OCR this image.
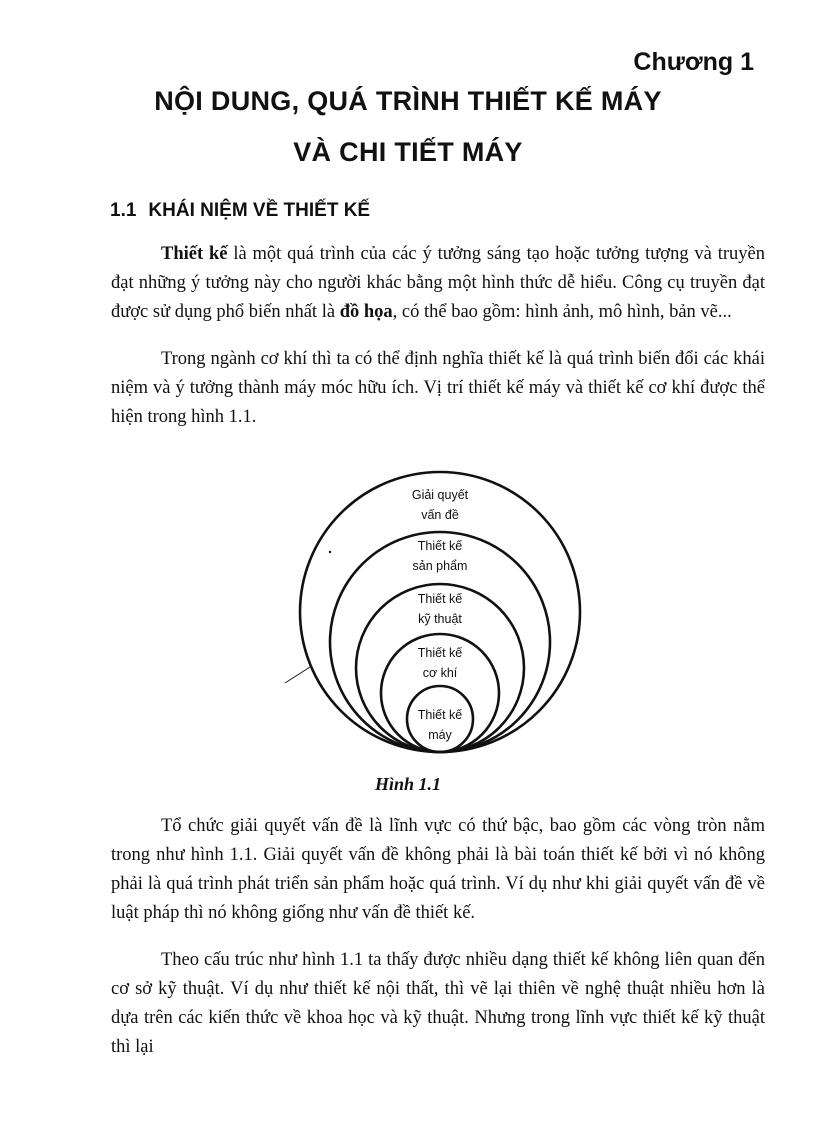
Chương 1
NỘI DUNG, QUÁ TRÌNH THIẾT KẾ MÁY
VÀ CHI TIẾT MÁY
1.1 KHÁI NIỆM VỀ THIẾT KẾ
Thiết kế là một quá trình của các ý tưởng sáng tạo hoặc tưởng tượng và truyền đạt những ý tưởng này cho người khác bằng một hình thức dễ hiểu. Công cụ truyền đạt được sử dụng phổ biến nhất là đồ họa, có thể bao gồm: hình ảnh, mô hình, bản vẽ...
Trong ngành cơ khí thì ta có thể định nghĩa thiết kế là quá trình biến đổi các khái niệm và ý tưởng thành máy móc hữu ích. Vị trí thiết kế máy và thiết kế cơ khí được thể hiện trong hình 1.1.
Giải quyết
vấn đề
Thiết kế
sản phẩm
Thiết kế
kỹ thuật
Thiết kế
cơ khí
Thiết kế
máy
Hình 1.1
Tổ chức giải quyết vấn đề là lĩnh vực có thứ bậc, bao gồm các vòng tròn nằm trong như hình 1.1. Giải quyết vấn đề không phải là bài toán thiết kế bởi vì nó không phải là quá trình phát triển sản phẩm hoặc quá trình. Ví dụ như khi giải quyết vấn đề về luật pháp thì nó không giống như vấn đề thiết kế.
Theo cấu trúc như hình 1.1 ta thấy được nhiều dạng thiết kế không liên quan đến cơ sở kỹ thuật. Ví dụ như thiết kế nội thất, thì vẽ lại thiên về nghệ thuật nhiều hơn là dựa trên các kiến thức về khoa học và kỹ thuật. Nhưng trong lĩnh vực thiết kế kỹ thuật thì lại
